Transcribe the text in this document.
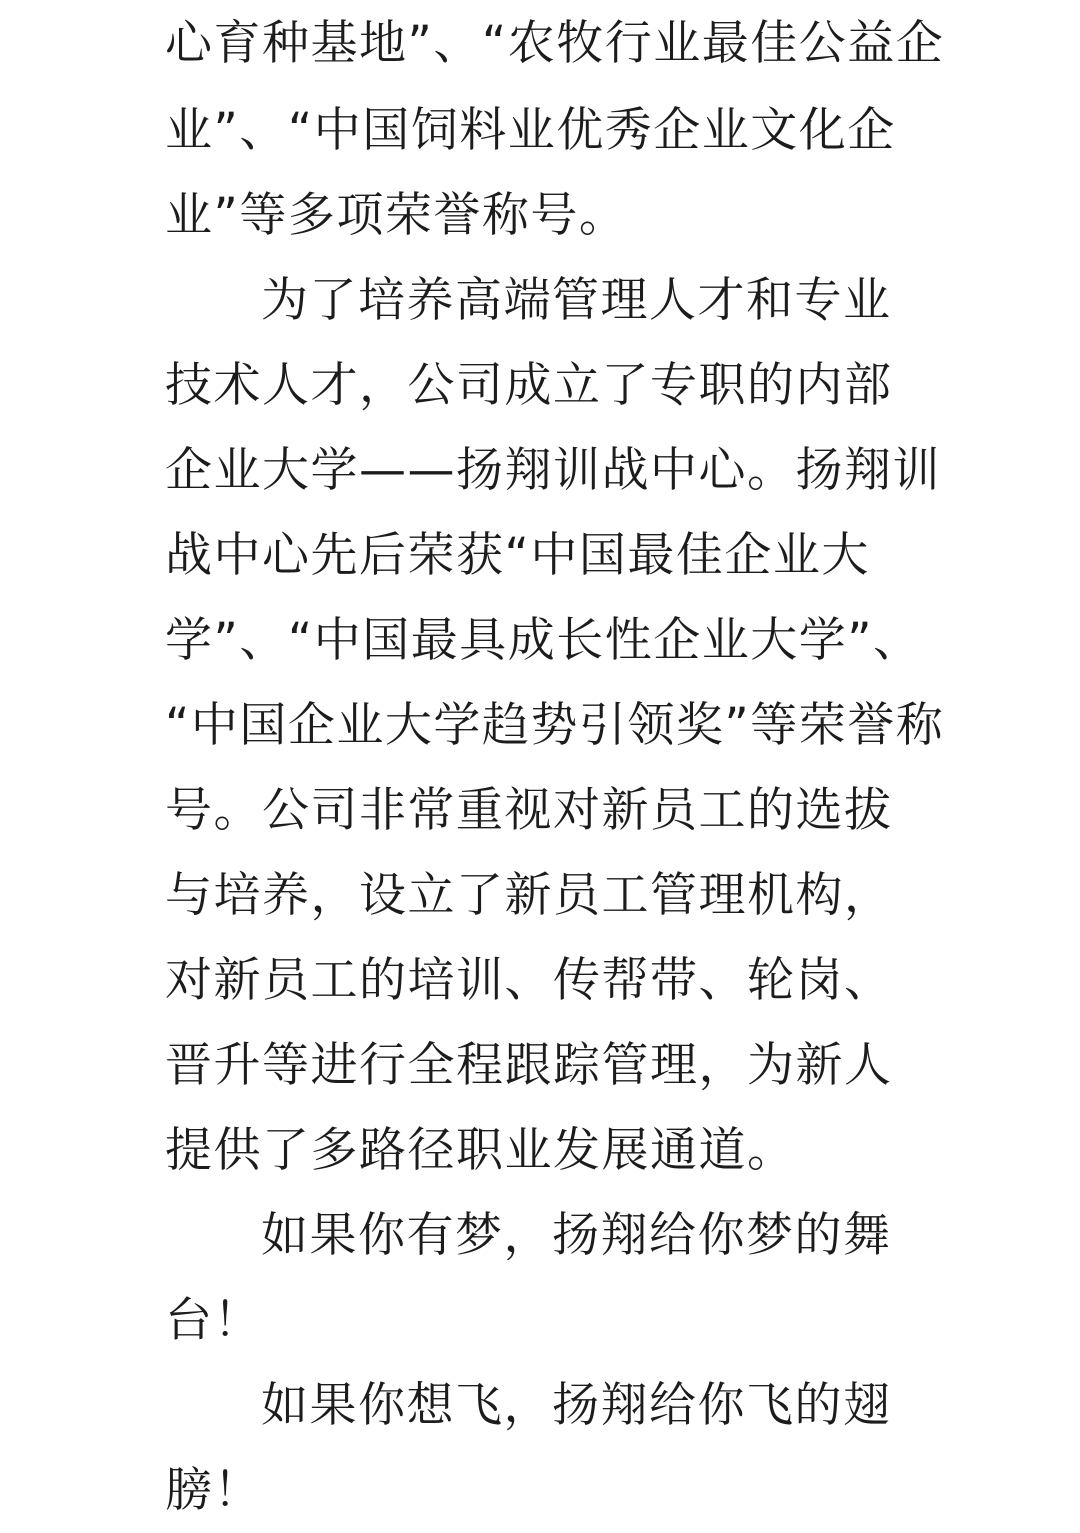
心育种基地”、“农牧行业最佳公益企
业”、“中国饲料业优秀企业文化企
业”等多项荣誉称号。
为了培养高端管理人才和专业
技术人才，公司成立了专职的内部
企业大学——扬翔训战中心。扬翔训
战中心先后荣获“中国最佳企业大
学”、“中国最具成长性企业大学”、
“中国企业大学趋势引领奖”等荣誉称
号。公司非常重视对新员工的选拔
与培养，设立了新员工管理机构，
对新员工的培训、传帮带、轮岗、
晋升等进行全程跟踪管理，为新人
提供了多路径职业发展通道。
如果你有梦，扬翔给你梦的舞
台！
如果你想飞，扬翔给你飞的翅
膀！
